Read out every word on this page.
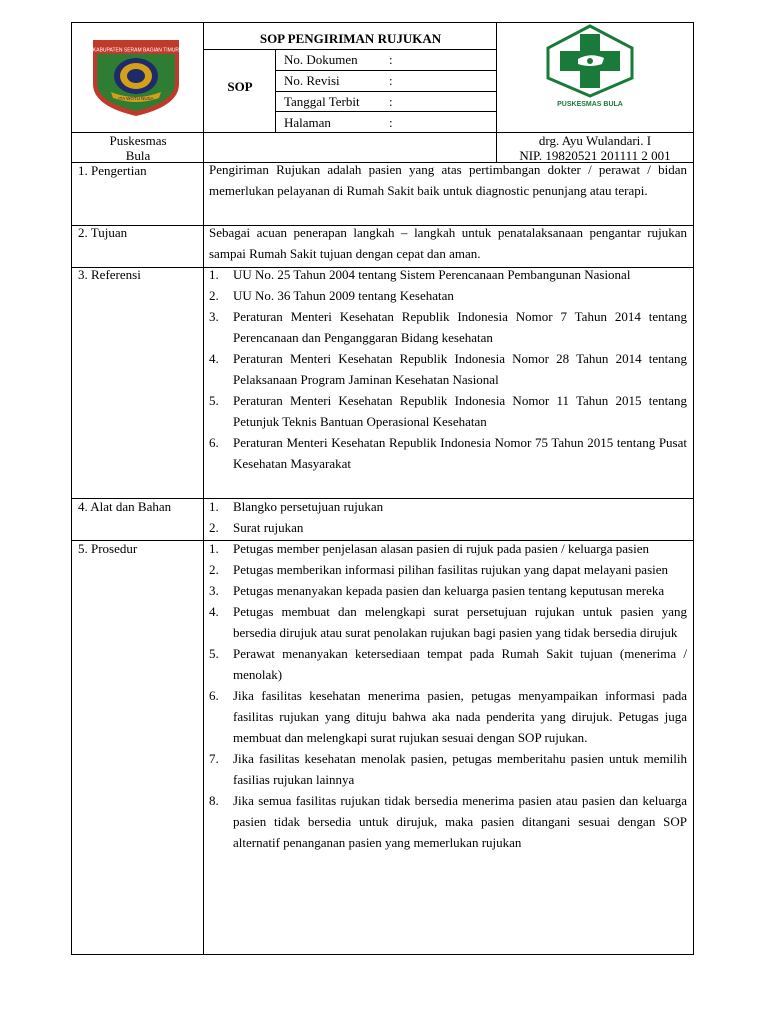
KABUPATEN SERAM BAGIAN TIMUR
ITA WOTU NUSA
PUSKESMAS BULA
SOP PENGIRIMAN RUJUKAN
SOP
No. Dokumen :
No. Revisi	:
Tanggal Terbit :
Halaman	:
Puskesmas
Bula
drg. Ayu Wulandari. I
NIP. 19820521 201111 2 001
1. Pengertian	Pengiriman Rujukan adalah pasien yang atas pertimbangan dokter / perawat / bidan memerlukan pelayanan di Rumah Sakit baik untuk diagnostic penunjang atau terapi.
2. Tujuan	Sebagai acuan penerapan langkah – langkah untuk penatalaksanaan pengantar rujukan sampai Rumah Sakit tujuan dengan cepat dan aman.
3. Referensi	1. UU No. 25 Tahun 2004 tentang Sistem Perencanaan Pembangunan Nasional
2. UU No. 36 Tahun 2009 tentang Kesehatan
3. Peraturan Menteri Kesehatan Republik Indonesia Nomor 7 Tahun 2014 tentang Perencanaan dan Penganggaran Bidang kesehatan
4. Peraturan Menteri Kesehatan Republik Indonesia Nomor 28 Tahun 2014 tentang Pelaksanaan Program Jaminan Kesehatan Nasional
5. Peraturan Menteri Kesehatan Republik Indonesia Nomor 11 Tahun 2015 tentang Petunjuk Teknis Bantuan Operasional Kesehatan
6. Peraturan Menteri Kesehatan Republik Indonesia Nomor 75 Tahun 2015 tentang Pusat Kesehatan Masyarakat
4. Alat dan Bahan	1. Blangko persetujuan rujukan
2. Surat rujukan
5. Prosedur	1. Petugas member penjelasan alasan pasien di rujuk pada pasien / keluarga pasien
2. Petugas memberikan informasi pilihan fasilitas rujukan yang dapat melayani pasien
3. Petugas menanyakan kepada pasien dan keluarga pasien tentang keputusan mereka
4. Petugas membuat dan melengkapi surat persetujuan rujukan untuk pasien yang bersedia dirujuk atau surat penolakan rujukan bagi pasien yang tidak bersedia dirujuk
5. Perawat menanyakan ketersediaan tempat pada Rumah Sakit tujuan (menerima / menolak)
6. Jika fasilitas kesehatan menerima pasien, petugas menyampaikan informasi pada fasilitas rujukan yang dituju bahwa aka nada penderita yang dirujuk. Petugas juga membuat dan melengkapi surat rujukan sesuai dengan SOP rujukan.
7. Jika fasilitas kesehatan menolak pasien, petugas memberitahu pasien untuk memilih fasilias rujukan lainnya
8. Jika semua fasilitas rujukan tidak bersedia menerima pasien atau pasien dan keluarga pasien tidak bersedia untuk dirujuk, maka pasien ditangani sesuai dengan SOP alternatif penanganan pasien yang memerlukan rujukan
